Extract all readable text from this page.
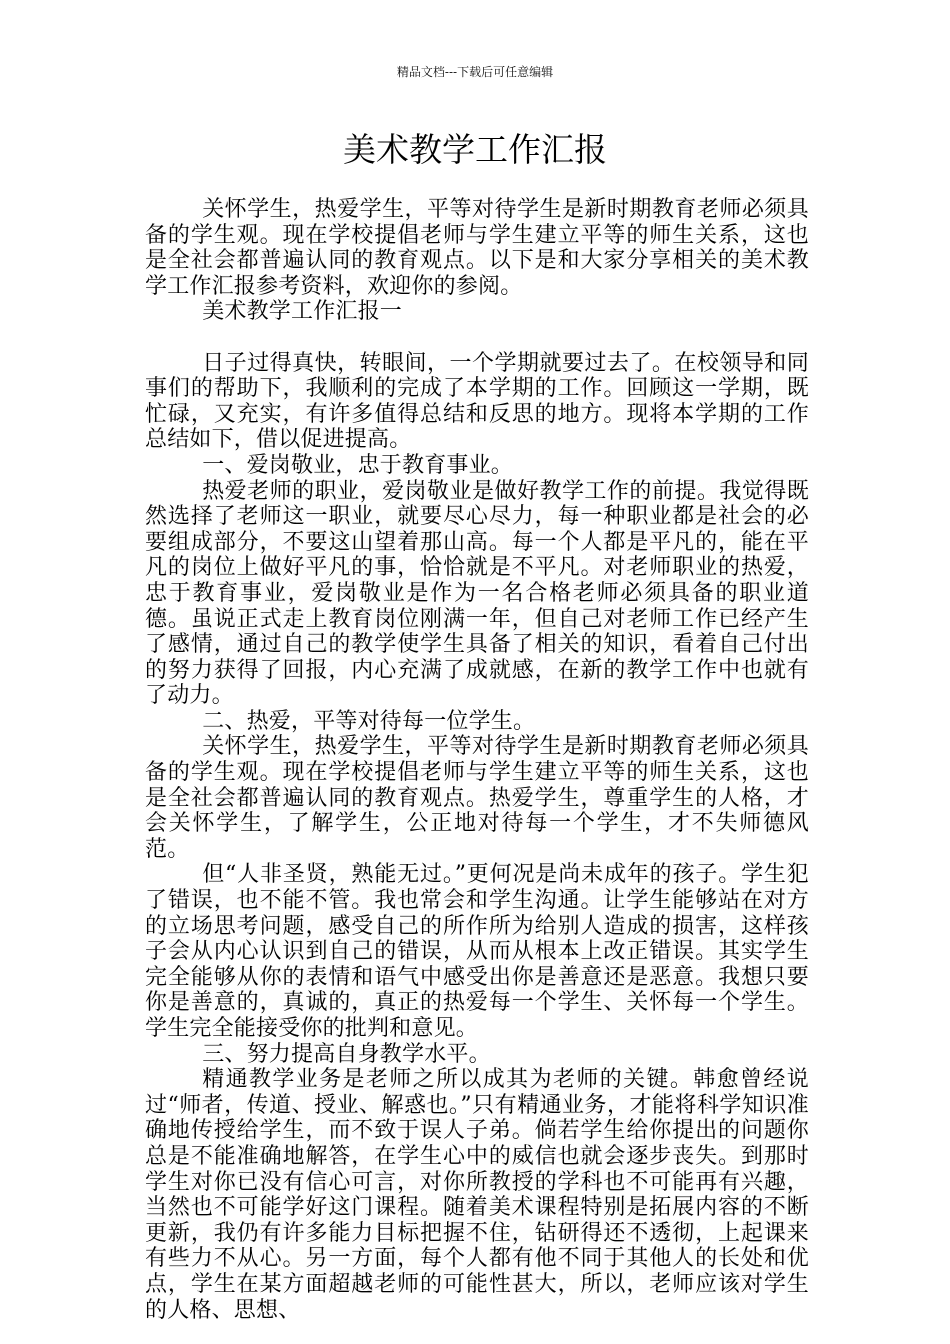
精品文档---下载后可任意编辑
美术教学工作汇报

关怀学生，热爱学生，平等对待学生是新时期教育老师必须具备的学生观。现在学校提倡老师与学生建立平等的师生关系，这也是全社会都普遍认同的教育观点。以下是和大家分享相关的美术教学工作汇报参考资料，欢迎你的参阅。

美术教学工作汇报一

日子过得真快，转眼间，一个学期就要过去了。在校领导和同事们的帮助下，我顺利的完成了本学期的工作。回顾这一学期，既忙碌，又充实，有许多值得总结和反思的地方。现将本学期的工作总结如下，借以促进提高。

一、爱岗敬业，忠于教育事业。

热爱老师的职业，爱岗敬业是做好教学工作的前提。我觉得既然选择了老师这一职业，就要尽心尽力，每一种职业都是社会的必要组成部分，不要这山望着那山高。每一个人都是平凡的，能在平凡的岗位上做好平凡的事，恰恰就是不平凡。对老师职业的热爱，忠于教育事业，爱岗敬业是作为一名合格老师必须具备的职业道德。虽说正式走上教育岗位刚满一年，但自己对老师工作已经产生了感情，通过自己的教学使学生具备了相关的知识，看着自己付出的努力获得了回报，内心充满了成就感，在新的教学工作中也就有了动力。

二、热爱，平等对待每一位学生。

关怀学生，热爱学生，平等对待学生是新时期教育老师必须具备的学生观。现在学校提倡老师与学生建立平等的师生关系，这也是全社会都普遍认同的教育观点。热爱学生，尊重学生的人格，才会关怀学生，了解学生，公正地对待每一个学生，才不失师德风范。

但“人非圣贤，熟能无过。”更何况是尚未成年的孩子。学生犯了错误，也不能不管。我也常会和学生沟通。让学生能够站在对方的立场思考问题，感受自己的所作所为给别人造成的损害，这样孩子会从内心认识到自己的错误，从而从根本上改正错误。其实学生完全能够从你的表情和语气中感受出你是善意还是恶意。我想只要你是善意的，真诚的，真正的热爱每一个学生、关怀每一个学生。学生完全能接受你的批判和意见。

三、努力提高自身教学水平。

精通教学业务是老师之所以成其为老师的关键。韩愈曾经说过“师者，传道、授业、解惑也。”只有精通业务，才能将科学知识准确地传授给学生，而不致于误人子弟。倘若学生给你提出的问题你总是不能准确地解答，在学生心中的威信也就会逐步丧失。到那时学生对你已没有信心可言，对你所教授的学科也不可能再有兴趣，当然也不可能学好这门课程。随着美术课程特别是拓展内容的不断更新，我仍有许多能力目标把握不住，钻研得还不透彻，上起课来有些力不从心。另一方面，每个人都有他不同于其他人的长处和优点，学生在某方面超越老师的可能性甚大，所以，老师应该对学生的人格、思想、
